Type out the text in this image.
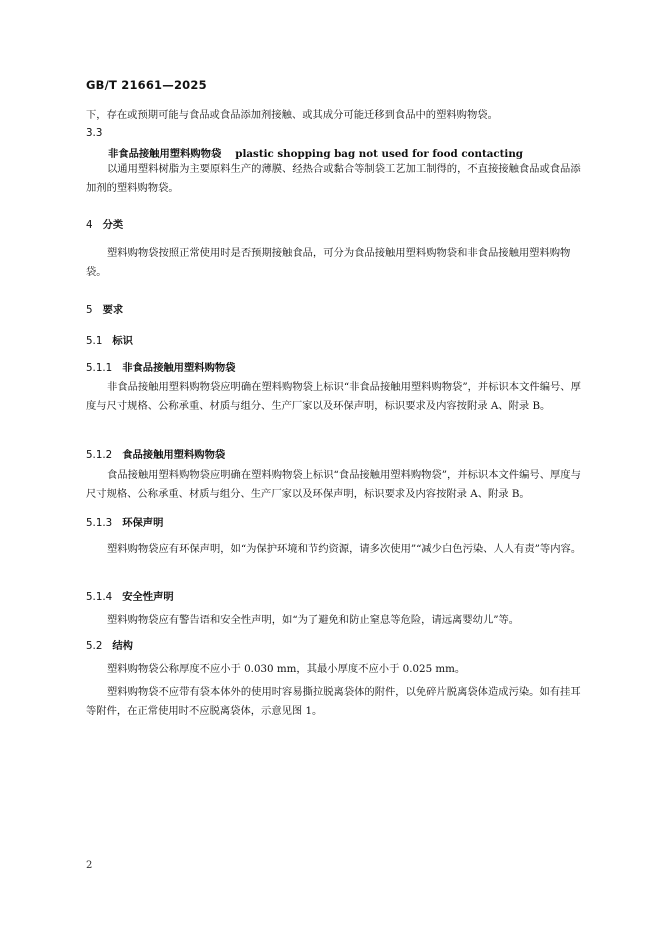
GB/T 21661—2025
下，存在或预期可能与食品或食品添加剂接触、或其成分可能迁移到食品中的塑料购物袋。
3.3
非食品接触用塑料购物袋 plastic shopping bag not used for food contacting
以通用塑料树脂为主要原料生产的薄膜、经热合或黏合等制袋工艺加工制得的，不直接接触食品或食品添加剂的塑料购物袋。
4 分类
塑料购物袋按照正常使用时是否预期接触食品，可分为食品接触用塑料购物袋和非食品接触用塑料购物袋。
5 要求
5.1 标识
5.1.1 非食品接触用塑料购物袋
非食品接触用塑料购物袋应明确在塑料购物袋上标识“非食品接触用塑料购物袋”，并标识本文件编号、厚度与尺寸规格、公称承重、材质与组分、生产厂家以及环保声明，标识要求及内容按附录 A、附录 B。
5.1.2 食品接触用塑料购物袋
食品接触用塑料购物袋应明确在塑料购物袋上标识“食品接触用塑料购物袋”，并标识本文件编号、厚度与尺寸规格、公称承重、材质与组分、生产厂家以及环保声明，标识要求及内容按附录 A、附录 B。
5.1.3 环保声明
塑料购物袋应有环保声明，如“为保护环境和节约资源，请多次使用”“减少白色污染、人人有责”等内容。
5.1.4 安全性声明
塑料购物袋应有警告语和安全性声明，如“为了避免和防止窒息等危险，请远离婴幼儿”等。
5.2 结构
塑料购物袋公称厚度不应小于 0.030 mm，其最小厚度不应小于 0.025 mm。
塑料购物袋不应带有袋本体外的使用时容易撕拉脱离袋体的附件，以免碎片脱离袋体造成污染。如有挂耳等附件，在正常使用时不应脱离袋体，示意见图 1。
2
